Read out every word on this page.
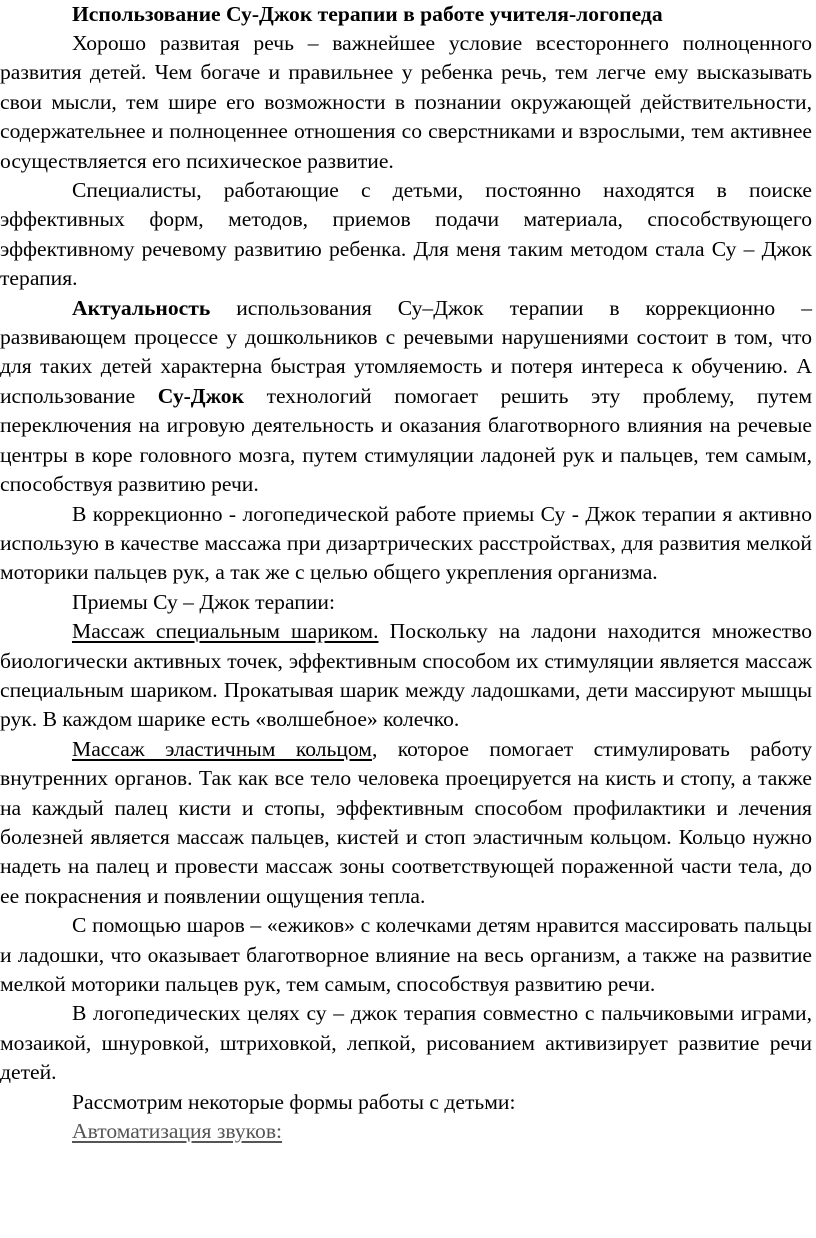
Использование Су-Джок терапии в работе учителя-логопеда

Хорошо развитая речь – важнейшее условие всестороннего полноценного развития детей. Чем богаче и правильнее у ребенка речь, тем легче ему высказывать свои мысли, тем шире его возможности в познании окружающей действительности, содержательнее и полноценнее отношения со сверстниками и взрослыми, тем активнее осуществляется его психическое развитие.

Специалисты, работающие с детьми, постоянно находятся в поиске эффективных форм, методов, приемов подачи материала, способствующего эффективному речевому развитию ребенка. Для меня таким методом стала Су – Джок терапия.

Актуальность использования Су–Джок терапии в коррекционно – развивающем процессе у дошкольников с речевыми нарушениями состоит в том, что для таких детей характерна быстрая утомляемость и потеря интереса к обучению. А использование Су-Джок технологий помогает решить эту проблему, путем переключения на игровую деятельность и оказания благотворного влияния на речевые центры в коре головного мозга, путем стимуляции ладоней рук и пальцев, тем самым, способствуя развитию речи.

В коррекционно - логопедической работе приемы Су - Джок терапии я активно использую в качестве массажа при дизартрических расстройствах, для развития мелкой моторики пальцев рук, а так же с целью общего укрепления организма.

Приемы Су – Джок терапии:

Массаж специальным шариком. Поскольку на ладони находится множество биологически активных точек, эффективным способом их стимуляции является массаж специальным шариком. Прокатывая шарик между ладошками, дети массируют мышцы рук. В каждом шарике есть «волшебное» колечко.

Массаж эластичным кольцом, которое помогает стимулировать работу внутренних органов. Так как все тело человека проецируется на кисть и стопу, а также на каждый палец кисти и стопы, эффективным способом профилактики и лечения болезней является массаж пальцев, кистей и стоп эластичным кольцом. Кольцо нужно надеть на палец и провести массаж зоны соответствующей пораженной части тела, до ее покраснения и появлении ощущения тепла.

С помощью шаров – «ежиков» с колечками детям нравится массировать пальцы и ладошки, что оказывает благотворное влияние на весь организм, а также на развитие мелкой моторики пальцев рук, тем самым, способствуя развитию речи.

В логопедических целях су – джок терапия совместно с пальчиковыми играми, мозаикой, шнуровкой, штриховкой, лепкой, рисованием активизирует развитие речи детей.

Рассмотрим некоторые формы работы с детьми:

Автоматизация звуков:
